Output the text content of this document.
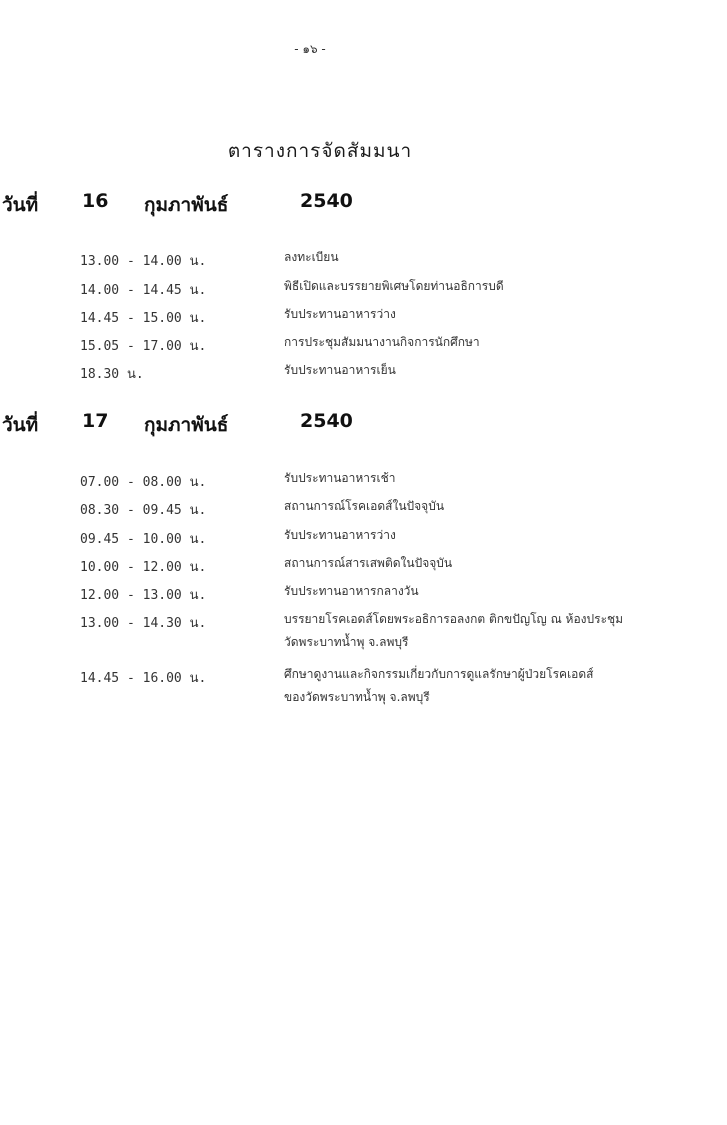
- ๑๖ -
ตารางการจัดสัมมนา
วันที่ 16 กุมภาพันธ์	2540
13.00 - 14.00 น.	ลงทะเบียน
14.00 - 14.45 น.	พิธีเปิดและบรรยายพิเศษโดยท่านอธิการบดี
14.45 - 15.00 น.	รับประทานอาหารว่าง
15.05 - 17.00 น.	การประชุมสัมมนางานกิจการนักศึกษา
18.30 น.	รับประทานอาหารเย็น
วันที่ 17 กุมภาพันธ์	2540
07.00 - 08.00 น.	รับประทานอาหารเช้า
08.30 - 09.45 น.	สถานการณ์โรคเอดส์ในปัจจุบัน
09.45 - 10.00 น.	รับประทานอาหารว่าง
10.00 - 12.00 น.	สถานการณ์สารเสพติดในปัจจุบัน
12.00 - 13.00 น.	รับประทานอาหารกลางวัน
13.00 - 14.30 น.	บรรยายโรคเอดส์โดยพระอธิการอลงกต ติกขปัญโญ ณ ห้องประชุม วัดพระบาทน้ำพุ จ.ลพบุรี
14.45 - 16.00 น.	ศึกษาดูงานและกิจกรรมเกี่ยวกับการดูแลรักษาผู้ป่วยโรคเอดส์ของวัดพระบาทน้ำพุ จ.ลพบุรี
